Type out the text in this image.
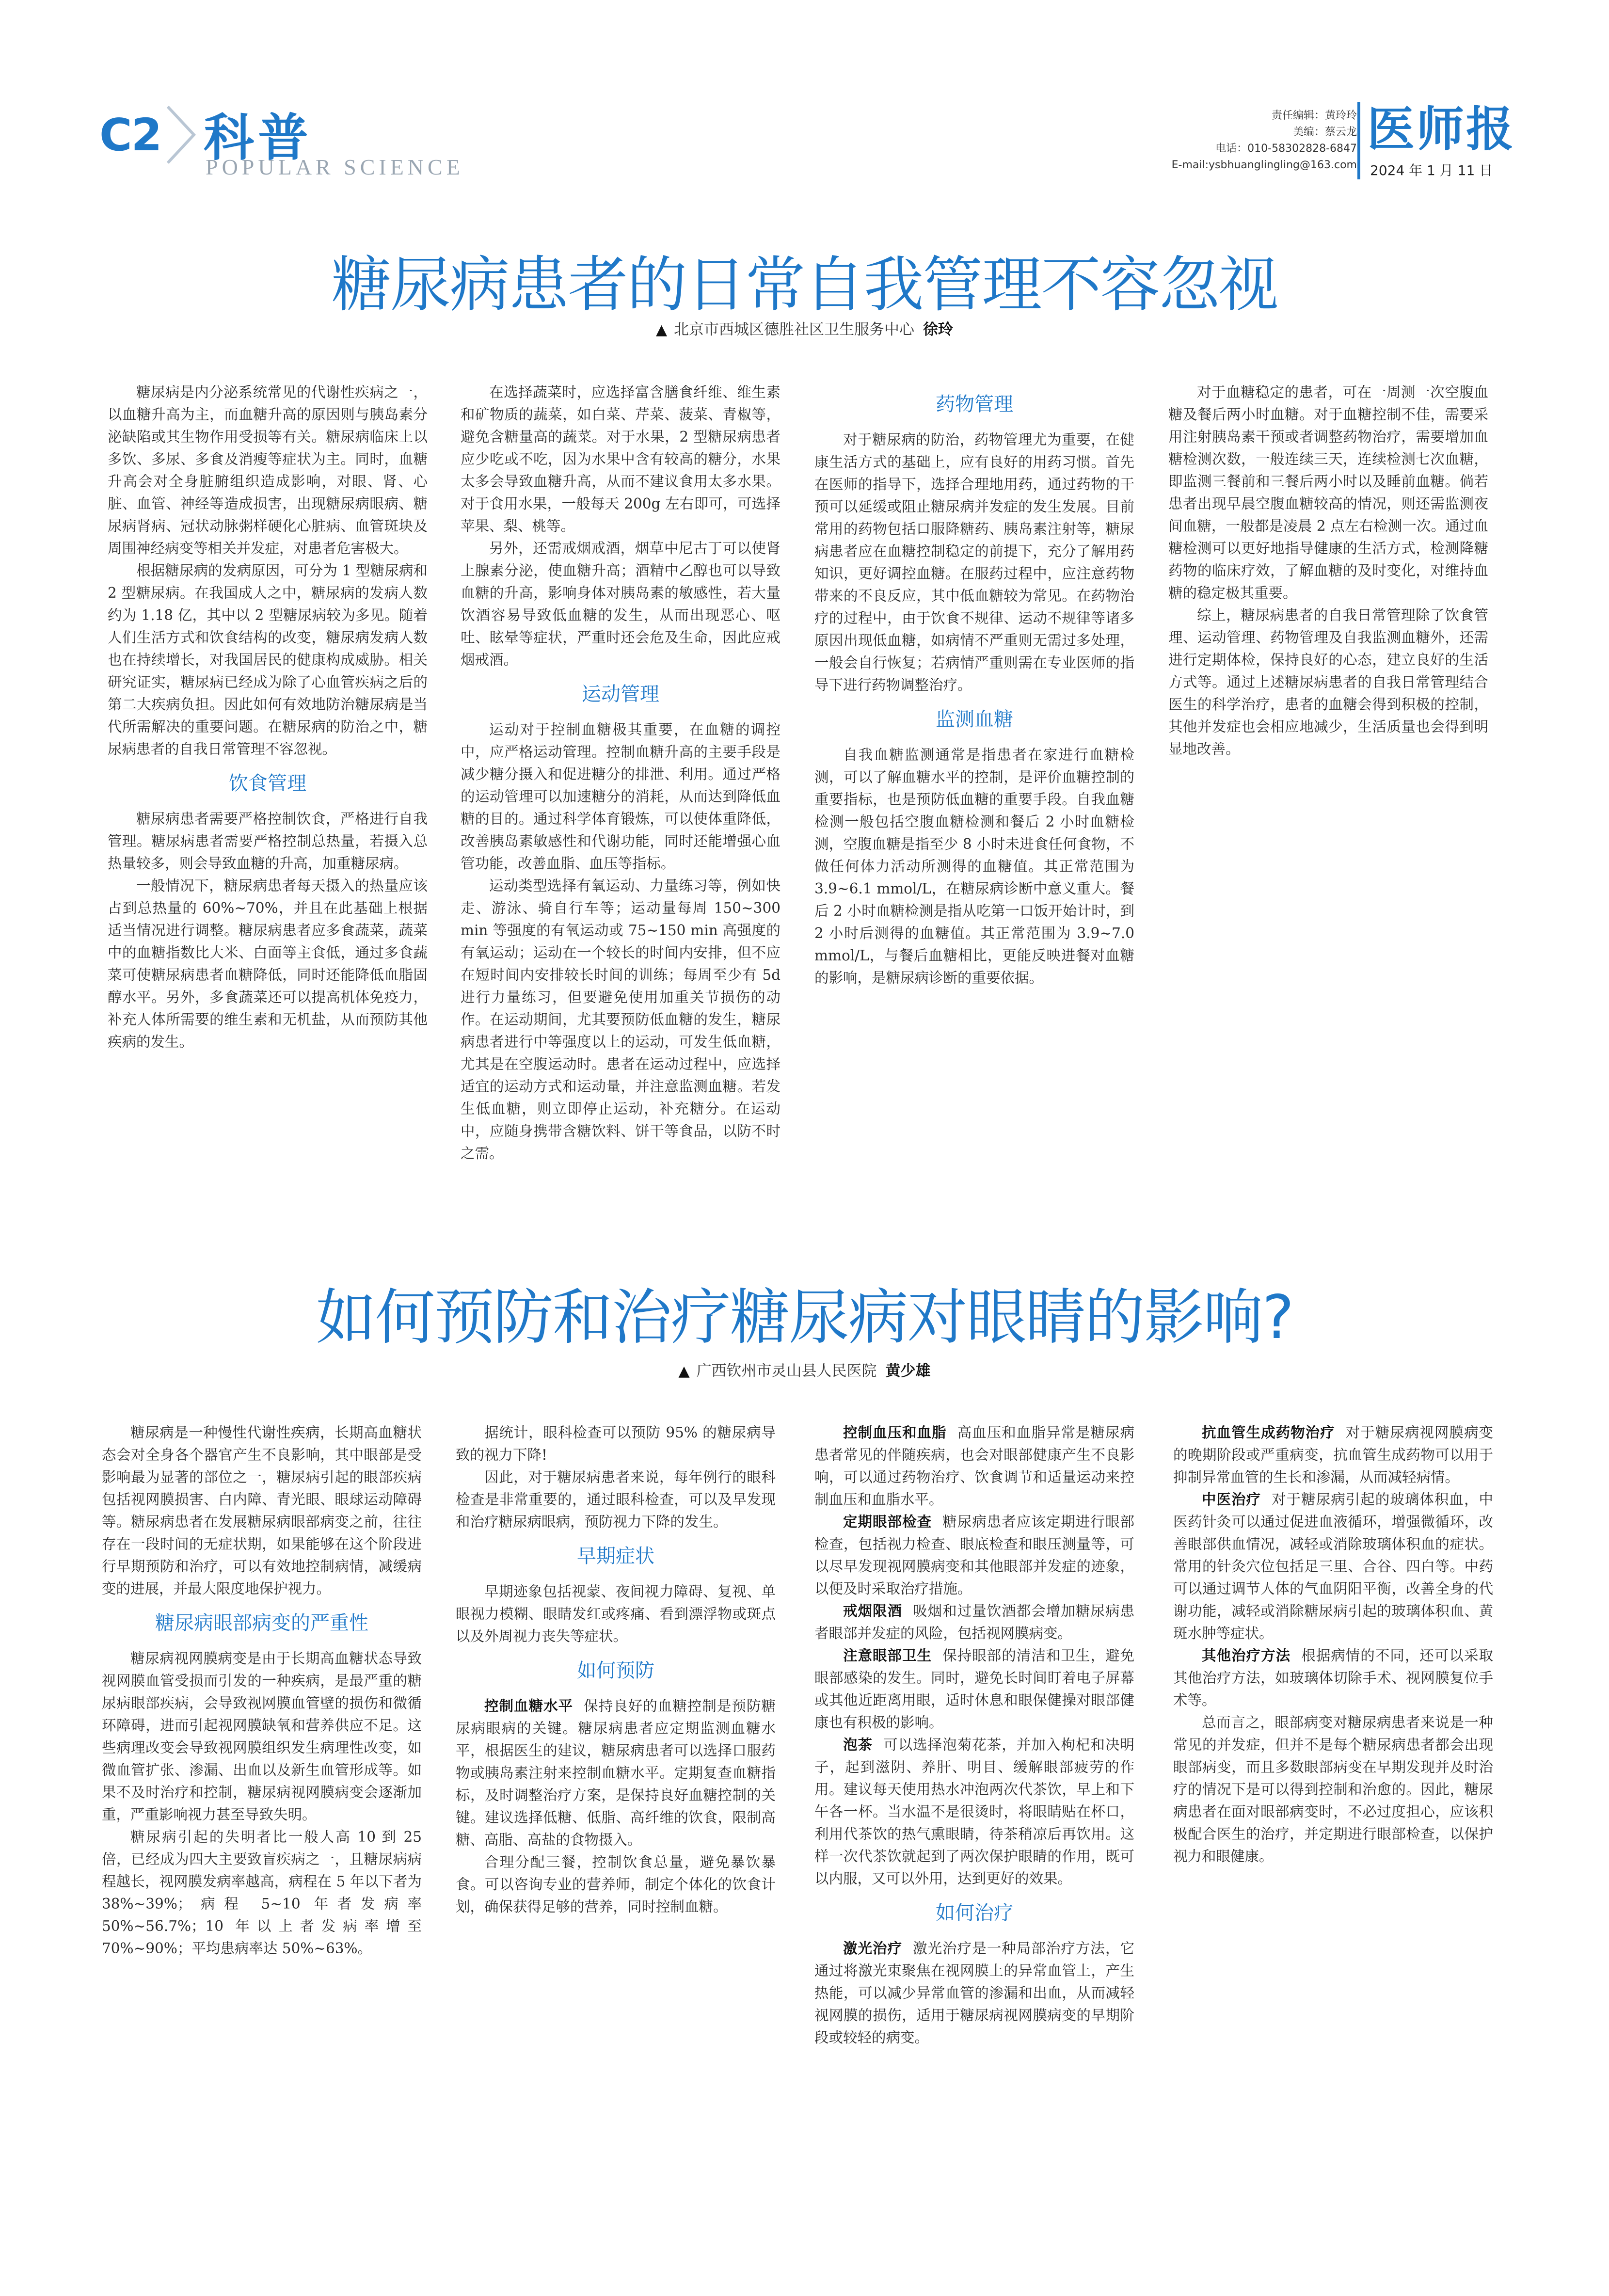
C2 科普
POPULAR SCIENCE
责任编辑：黄玲玲
美编：蔡云龙
电话：010-58302828-6847
E-mail:ysbhuanglingling@163.com
医师报
2024 年 1 月 11 日
糖尿病患者的日常自我管理不容忽视
▲ 北京市西城区德胜社区卫生服务中心 徐玲

糖尿病是内分泌系统常见的代谢性疾病之一，以血糖升高为主，而血糖升高的原因则与胰岛素分泌缺陷或其生物作用受损等有关。糖尿病临床上以多饮、多尿、多食及消瘦等症状为主。同时，血糖升高会对全身脏腑组织造成影响，对眼、肾、心脏、血管、神经等造成损害，出现糖尿病眼病、糖尿病肾病、冠状动脉粥样硬化心脏病、血管斑块及周围神经病变等相关并发症，对患者危害极大。

根据糖尿病的发病原因，可分为 1 型糖尿病和 2 型糖尿病。在我国成人之中，糖尿病的发病人数约为 1.18 亿，其中以 2 型糖尿病较为多见。随着人们生活方式和饮食结构的改变，糖尿病发病人数也在持续增长，对我国居民的健康构成威胁。相关研究证实，糖尿病已经成为除了心血管疾病之后的第二大疾病负担。因此如何有效地防治糖尿病是当代所需解决的重要问题。在糖尿病的防治之中，糖尿病患者的自我日常管理不容忽视。

饮食管理

糖尿病患者需要严格控制饮食，严格进行自我管理。糖尿病患者需要严格控制总热量，若摄入总热量较多，则会导致血糖的升高，加重糖尿病。

一般情况下，糖尿病患者每天摄入的热量应该占到总热量的 60%~70%，并且在此基础上根据适当情况进行调整。糖尿病患者应多食蔬菜，蔬菜中的血糖指数比大米、白面等主食低，通过多食蔬菜可使糖尿病患者血糖降低，同时还能降低血脂固醇水平。另外，多食蔬菜还可以提高机体免疫力，补充人体所需要的维生素和无机盐，从而预防其他疾病的发生。

在选择蔬菜时，应选择富含膳食纤维、维生素和矿物质的蔬菜，如白菜、芹菜、菠菜、青椒等，避免含糖量高的蔬菜。对于水果，2 型糖尿病患者应少吃或不吃，因为水果中含有较高的糖分，水果太多会导致血糖升高，从而不建议食用太多水果。对于食用水果，一般每天 200g 左右即可，可选择苹果、梨、桃等。

另外，还需戒烟戒酒，烟草中尼古丁可以使肾上腺素分泌，使血糖升高；酒精中乙醇也可以导致血糖的升高，影响身体对胰岛素的敏感性，若大量饮酒容易导致低血糖的发生，从而出现恶心、呕吐、眩晕等症状，严重时还会危及生命，因此应戒烟戒酒。

运动管理

运动对于控制血糖极其重要，在血糖的调控中，应严格运动管理。控制血糖升高的主要手段是减少糖分摄入和促进糖分的排泄、利用。通过严格的运动管理可以加速糖分的消耗，从而达到降低血糖的目的。通过科学体育锻炼，可以使体重降低，改善胰岛素敏感性和代谢功能，同时还能增强心血管功能，改善血脂、血压等指标。

运动类型选择有氧运动、力量练习等，例如快走、游泳、骑自行车等；运动量每周 150~300 min 等强度的有氧运动或 75~150 min 高强度的有氧运动；运动在一个较长的时间内安排，但不应在短时间内安排较长时间的训练；每周至少有 5d 进行力量练习，但要避免使用加重关节损伤的动作。在运动期间，尤其要预防低血糖的发生，糖尿病患者进行中等强度以上的运动，可发生低血糖，尤其是在空腹运动时。患者在运动过程中，应选择适宜的运动方式和运动量，并注意监测血糖。若发生低血糖，则立即停止运动，补充糖分。在运动中，应随身携带含糖饮料、饼干等食品，以防不时之需。

药物管理

对于糖尿病的防治，药物管理尤为重要，在健康生活方式的基础上，应有良好的用药习惯。首先在医师的指导下，选择合理地用药，通过药物的干预可以延缓或阻止糖尿病并发症的发生发展。目前常用的药物包括口服降糖药、胰岛素注射等，糖尿病患者应在血糖控制稳定的前提下，充分了解用药知识，更好调控血糖。在服药过程中，应注意药物带来的不良反应，其中低血糖较为常见。在药物治疗的过程中，由于饮食不规律、运动不规律等诸多原因出现低血糖，如病情不严重则无需过多处理，一般会自行恢复；若病情严重则需在专业医师的指导下进行药物调整治疗。

监测血糖

自我血糖监测通常是指患者在家进行血糖检测，可以了解血糖水平的控制，是评价血糖控制的重要指标，也是预防低血糖的重要手段。自我血糖检测一般包括空腹血糖检测和餐后 2 小时血糖检测，空腹血糖是指至少 8 小时未进食任何食物，不做任何体力活动所测得的血糖值。其正常范围为 3.9~6.1 mmol/L，在糖尿病诊断中意义重大。餐后 2 小时血糖检测是指从吃第一口饭开始计时，到 2 小时后测得的血糖值。其正常范围为 3.9~7.0 mmol/L，与餐后血糖相比，更能反映进餐对血糖的影响，是糖尿病诊断的重要依据。

对于血糖稳定的患者，可在一周测一次空腹血糖及餐后两小时血糖。对于血糖控制不佳，需要采用注射胰岛素干预或者调整药物治疗，需要增加血糖检测次数，一般连续三天，连续检测七次血糖，即监测三餐前和三餐后两小时以及睡前血糖。倘若患者出现早晨空腹血糖较高的情况，则还需监测夜间血糖，一般都是凌晨 2 点左右检测一次。通过血糖检测可以更好地指导健康的生活方式，检测降糖药物的临床疗效，了解血糖的及时变化，对维持血糖的稳定极其重要。

综上，糖尿病患者的自我日常管理除了饮食管理、运动管理、药物管理及自我监测血糖外，还需进行定期体检，保持良好的心态，建立良好的生活方式等。通过上述糖尿病患者的自我日常管理结合医生的科学治疗，患者的血糖会得到积极的控制，其他并发症也会相应地减少，生活质量也会得到明显地改善。

如何预防和治疗糖尿病对眼睛的影响?
▲ 广西钦州市灵山县人民医院 黄少雄

糖尿病是一种慢性代谢性疾病，长期高血糖状态会对全身各个器官产生不良影响，其中眼部是受影响最为显著的部位之一，糖尿病引起的眼部疾病包括视网膜损害、白内障、青光眼、眼球运动障碍等。糖尿病患者在发展糖尿病眼部病变之前，往往存在一段时间的无症状期，如果能够在这个阶段进行早期预防和治疗，可以有效地控制病情，减缓病变的进展，并最大限度地保护视力。

糖尿病眼部病变的严重性

糖尿病视网膜病变是由于长期高血糖状态导致视网膜血管受损而引发的一种疾病，是最严重的糖尿病眼部疾病，会导致视网膜血管壁的损伤和微循环障碍，进而引起视网膜缺氧和营养供应不足。这些病理改变会导致视网膜组织发生病理性改变，如微血管扩张、渗漏、出血以及新生血管形成等。如果不及时治疗和控制，糖尿病视网膜病变会逐渐加重，严重影响视力甚至导致失明。

糖尿病引起的失明者比一般人高 10 到 25 倍，已经成为四大主要致盲疾病之一，且糖尿病病程越长，视网膜发病率越高，病程在 5 年以下者为 38%~39%；病程 5~10 年者发病率 50%~56.7%；10 年以上者发病率增至 70%~90%；平均患病率达 50%~63%。

据统计，眼科检查可以预防 95% 的糖尿病导致的视力下降!

因此，对于糖尿病患者来说，每年例行的眼科检查是非常重要的，通过眼科检查，可以及早发现和治疗糖尿病眼病，预防视力下降的发生。

早期症状

早期迹象包括视蒙、夜间视力障碍、复视、单眼视力模糊、眼睛发红或疼痛、看到漂浮物或斑点以及外周视力丧失等症状。

如何预防

控制血糖水平 保持良好的血糖控制是预防糖尿病眼病的关键。糖尿病患者应定期监测血糖水平，根据医生的建议，糖尿病患者可以选择口服药物或胰岛素注射来控制血糖水平。定期复查血糖指标，及时调整治疗方案，是保持良好血糖控制的关键。建议选择低糖、低脂、高纤维的饮食，限制高糖、高脂、高盐的食物摄入。

合理分配三餐，控制饮食总量，避免暴饮暴食。可以咨询专业的营养师，制定个体化的饮食计划，确保获得足够的营养，同时控制血糖。

控制血压和血脂 高血压和血脂异常是糖尿病患者常见的伴随疾病，也会对眼部健康产生不良影响，可以通过药物治疗、饮食调节和适量运动来控制血压和血脂水平。

定期眼部检查 糖尿病患者应该定期进行眼部检查，包括视力检查、眼底检查和眼压测量等，可以尽早发现视网膜病变和其他眼部并发症的迹象，以便及时采取治疗措施。

戒烟限酒 吸烟和过量饮酒都会增加糖尿病患者眼部并发症的风险，包括视网膜病变。

注意眼部卫生 保持眼部的清洁和卫生，避免眼部感染的发生。同时，避免长时间盯着电子屏幕或其他近距离用眼，适时休息和眼保健操对眼部健康也有积极的影响。

泡茶 可以选择泡菊花茶，并加入枸杞和决明子，起到滋阴、养肝、明目、缓解眼部疲劳的作用。建议每天使用热水冲泡两次代茶饮，早上和下午各一杯。当水温不是很烫时，将眼睛贴在杯口，利用代茶饮的热气熏眼睛，待茶稍凉后再饮用。这样一次代茶饮就起到了两次保护眼睛的作用，既可以内服，又可以外用，达到更好的效果。

如何治疗

激光治疗 激光治疗是一种局部治疗方法，它通过将激光束聚焦在视网膜上的异常血管上，产生热能，可以减少异常血管的渗漏和出血，从而减轻视网膜的损伤，适用于糖尿病视网膜病变的早期阶段或较轻的病变。

抗血管生成药物治疗 对于糖尿病视网膜病变的晚期阶段或严重病变，抗血管生成药物可以用于抑制异常血管的生长和渗漏，从而减轻病情。

中医治疗 对于糖尿病引起的玻璃体积血，中医药针灸可以通过促进血液循环，增强微循环，改善眼部供血情况，减轻或消除玻璃体积血的症状。常用的针灸穴位包括足三里、合谷、四白等。中药可以通过调节人体的气血阴阳平衡，改善全身的代谢功能，减轻或消除糖尿病引起的玻璃体积血、黄斑水肿等症状。

其他治疗方法 根据病情的不同，还可以采取其他治疗方法，如玻璃体切除手术、视网膜复位手术等。

总而言之，眼部病变对糖尿病患者来说是一种常见的并发症，但并不是每个糖尿病患者都会出现眼部病变，而且多数眼部病变在早期发现并及时治疗的情况下是可以得到控制和治愈的。因此，糖尿病患者在面对眼部病变时，不必过度担心，应该积极配合医生的治疗，并定期进行眼部检查，以保护视力和眼健康。
